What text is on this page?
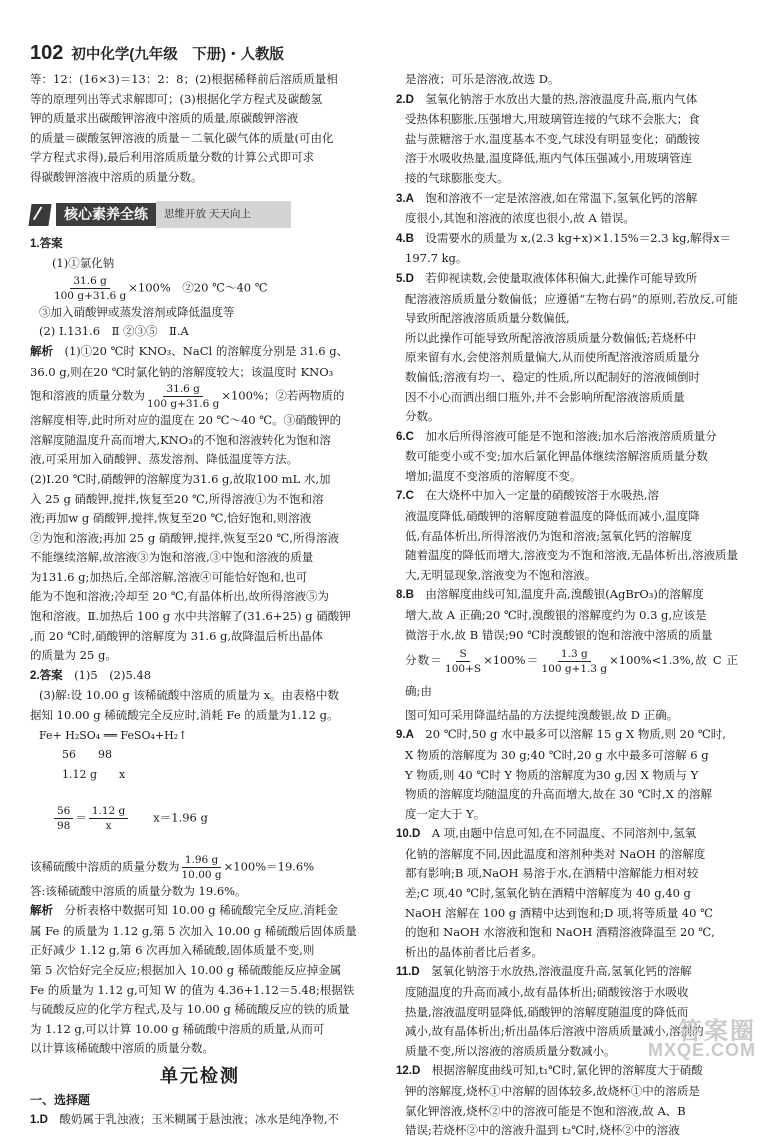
102 初中化学(九年级　下册)・人教版

等：12：(16×3)＝13：2：8；(2)根据稀释前后溶质质量相

等的原理列出等式求解即可；(3)根据化学方程式及碳酸氢

钾的质量求出碳酸钾溶液中溶质的质量,原碳酸钾溶液

的质量＝碳酸氢钾溶液的质量－二氧化碳气体的质量(可由化

学方程式求得),最后利用溶质质量分数的计算公式即可求

得碳酸钾溶液中溶质的质量分数。

核心素养全练	思维开放 天天向上

1.答案
(1)①氯化钠

$\frac{31.6 g}{100 g+31.6 g} \times 100\%$　②20 ℃～40 ℃

③加入硝酸钾或蒸发溶剂或降低温度等

(2) Ⅰ.131.6　Ⅱ ②③⑤　Ⅱ.A

解析　 (1)①20 ℃时 KNO₃、NaCl 的溶解度分别是 31.6 g、

36.0 g,则在20 ℃时氯化钠的溶解度较大；该温度时 KNO₃

饱和溶液的质量分数为 $\frac{31.6 g}{100 g+31.6 g} \times 100\%$；②若两物质的

溶解度相等,此时所对应的温度在 20 ℃～40 ℃。③硝酸钾的

溶解度随温度升高而增大,KNO₃的不饱和溶液转化为饱和溶

液,可采用加入硝酸钾、蒸发溶剂、降低温度等方法。

(2)Ⅰ.20 ℃时,硝酸钾的溶解度为31.6 g,故取100 mL 水,加

入 25 g 硝酸钾,搅拌,恢复至20 ℃,所得溶液①为不饱和溶

液;再加w g 硝酸钾,搅拌,恢复至20 ℃,恰好饱和,则溶液

②为饱和溶液;再加 25 g 硝酸钾,搅拌,恢复至20 ℃,所得溶液

不能继续溶解,故溶液③为饱和溶液,③中饱和溶液的质量

为131.6 g;加热后,全部溶解,溶液④可能恰好饱和,也可

能为不饱和溶液;冷却至 20 ℃,有晶体析出,故所得溶液⑤为

饱和溶液。Ⅱ.加热后 100 g 水中共溶解了(31.6+25) g 硝酸钾

,而 20 ℃时,硝酸钾的溶解度为 31.6 g,故降温后析出晶体

的质量为 25 g。

2.答案　 (1)5　(2)5.48

(3)解:设 10.00 g 该稀硫酸中溶质的质量为 x。由表格中数

据知 10.00 g 稀硫酸完全反应时,消耗 Fe 的质量为1.12 g。

Fe+ H₂SO₄ ══ FeSO₄+H₂↑

56　　98

1.12 g　　x

$\frac{56}{98} = \frac{1.12 g}{x}$
　　 x＝1.96 g

该稀硫酸中溶质的质量分数为 $\frac{1.96 g}{10.00 g} \times 100\%=19.6\%$

答:该稀硫酸中溶质的质量分数为 19.6%。

解析　 分析表格中数据可知 10.00 g 稀硫酸完全反应,消耗金

属 Fe 的质量为 1.12 g,第 5 次加入 10.00 g 稀硫酸后固体质量

正好减少 1.12 g,第 6 次再加入稀硫酸,固体质量不变,则

第 5 次恰好完全反应;根据加入 10.00 g 稀硫酸能反应掉金属

Fe 的质量为 1.12 g,可知 W 的值为 4.36+1.12＝5.48;根据铁

与硫酸反应的化学方程式,及与 10.00 g 稀硫酸反应的铁的质量

为 1.12 g,可以计算 10.00 g 稀硫酸中溶质的质量,从而可

以计算该稀硫酸中溶质的质量分数。

单元检测

一、选择题

1.D　 酸奶属于乳浊液；玉米糊属于悬浊液；冰水是纯净物,不

是溶液；可乐是溶液,故选 D。

2.D　 氢氧化钠溶于水放出大量的热,溶液温度升高,瓶内气体

受热体积膨胀,压强增大,用玻璃管连接的气球不会胀大；食

盐与蔗糖溶于水,温度基本不变,气球没有明显变化；硝酸铵

溶于水吸收热量,温度降低,瓶内气体压强减小,用玻璃管连

接的气球膨胀变大。

3.A　 饱和溶液不一定是浓溶液,如在常温下,氢氧化钙的溶解

度很小,其饱和溶液的浓度也很小,故 A 错误。

4.B　 设需要水的质量为 x,(2.3 kg+x)×1.15%＝2.3 kg,解得x＝

197.7 kg。

5.D　 若仰视读数,会使量取液体体积偏大,此操作可能导致所

配溶液溶质质量分数偏低；应遵循“左物右码”的原则,若放反,可能导致所配溶液溶质质量分数偏低,

所以此操作可能导致所配溶液溶质质量分数偏低;若烧杯中

原来留有水,会使溶剂质量偏大,从而使所配溶液溶质质量分

数偏低;溶液有均一、稳定的性质,所以配制好的溶液倾倒时

因不小心而洒出细口瓶外,并不会影响所配溶液溶质质量

分数。

6.C　 加水后所得溶液可能是不饱和溶液;加水后溶液溶质质量分

数可能变小或不变;加水后氯化钾晶体继续溶解溶质质量分数

增加;温度不变溶质的溶解度不变。

7.C　 在大烧杯中加入一定量的硝酸铵溶于水吸热,溶

液温度降低,硝酸钾的溶解度随着温度的降低而减小,温度降

低,有晶体析出,所得溶液仍为饱和溶液;氢氧化钙的溶解度

随着温度的降低而增大,溶液变为不饱和溶液,无晶体析出,溶液质量

大,无明显现象,溶液变为不饱和溶液。

8.B　 由溶解度曲线可知,温度升高,溴酸银(AgBrO₃)的溶解度

增大,故 A 正确;20 ℃时,溴酸银的溶解度约为 0.3 g,应该是

微溶于水,故 B 错误;90 ℃时溴酸银的饱和溶液中溶质的质量

分数＝ $\frac{S}{100+S} \times 100\%= \frac{1.3 g}{100 g+1.3 g} \times 100\%<1.3\%$,故 C 正确;由

图可知可采用降温结晶的方法提纯溴酸银,故 D 正确。

9.A　 20 ℃时,50 g 水中最多可以溶解 15 g X 物质,则 20 ℃时,

X 物质的溶解度为 30 g;40 ℃时,20 g 水中最多可溶解 6 g

Y 物质,则 40 ℃时 Y 物质的溶解度为30 g,因 X 物质与 Y

物质的溶解度均随温度的升高而增大,故在 30 ℃时,X 的溶解

度一定大于 Y。

10.D　 A 项,由题中信息可知,在不同温度、不同溶剂中,氢氧

化钠的溶解度不同,因此温度和溶剂种类对 NaOH 的溶解度

都有影响;B 项,NaOH 易溶于水,在酒精中溶解能力相对较

差;C 项,40 ℃时,氢氧化钠在酒精中溶解度为 40 g,40 g

NaOH 溶解在 100 g 酒精中达到饱和;D 项,将等质量 40 ℃

的饱和 NaOH 水溶液和饱和 NaOH 酒精溶液降温至 20 ℃,

析出的晶体前者比后者多。

11.D　 氢氧化钠溶于水放热,溶液温度升高,氢氧化钙的溶解

度随温度的升高而减小,故有晶体析出;硝酸铵溶于水吸收

热量,溶液温度明显降低,硝酸钾的溶解度随温度的降低而

减小,故有晶体析出;析出晶体后溶液中溶质质量减小,溶剂的

质量不变,所以溶液的溶质质量分数减小。

12.D　 根据溶解度曲线可知,t₁℃时,氯化钾的溶解度大于硝酸

钾的溶解度,烧杯①中溶解的固体较多,故烧杯①中的溶质是

氯化钾溶液,烧杯②中的溶液可能是不饱和溶液,故 A、B

错误;若烧杯②中的溶液升温到 t₂℃时,烧杯②中的溶液

答案圈
MXQE.COM
